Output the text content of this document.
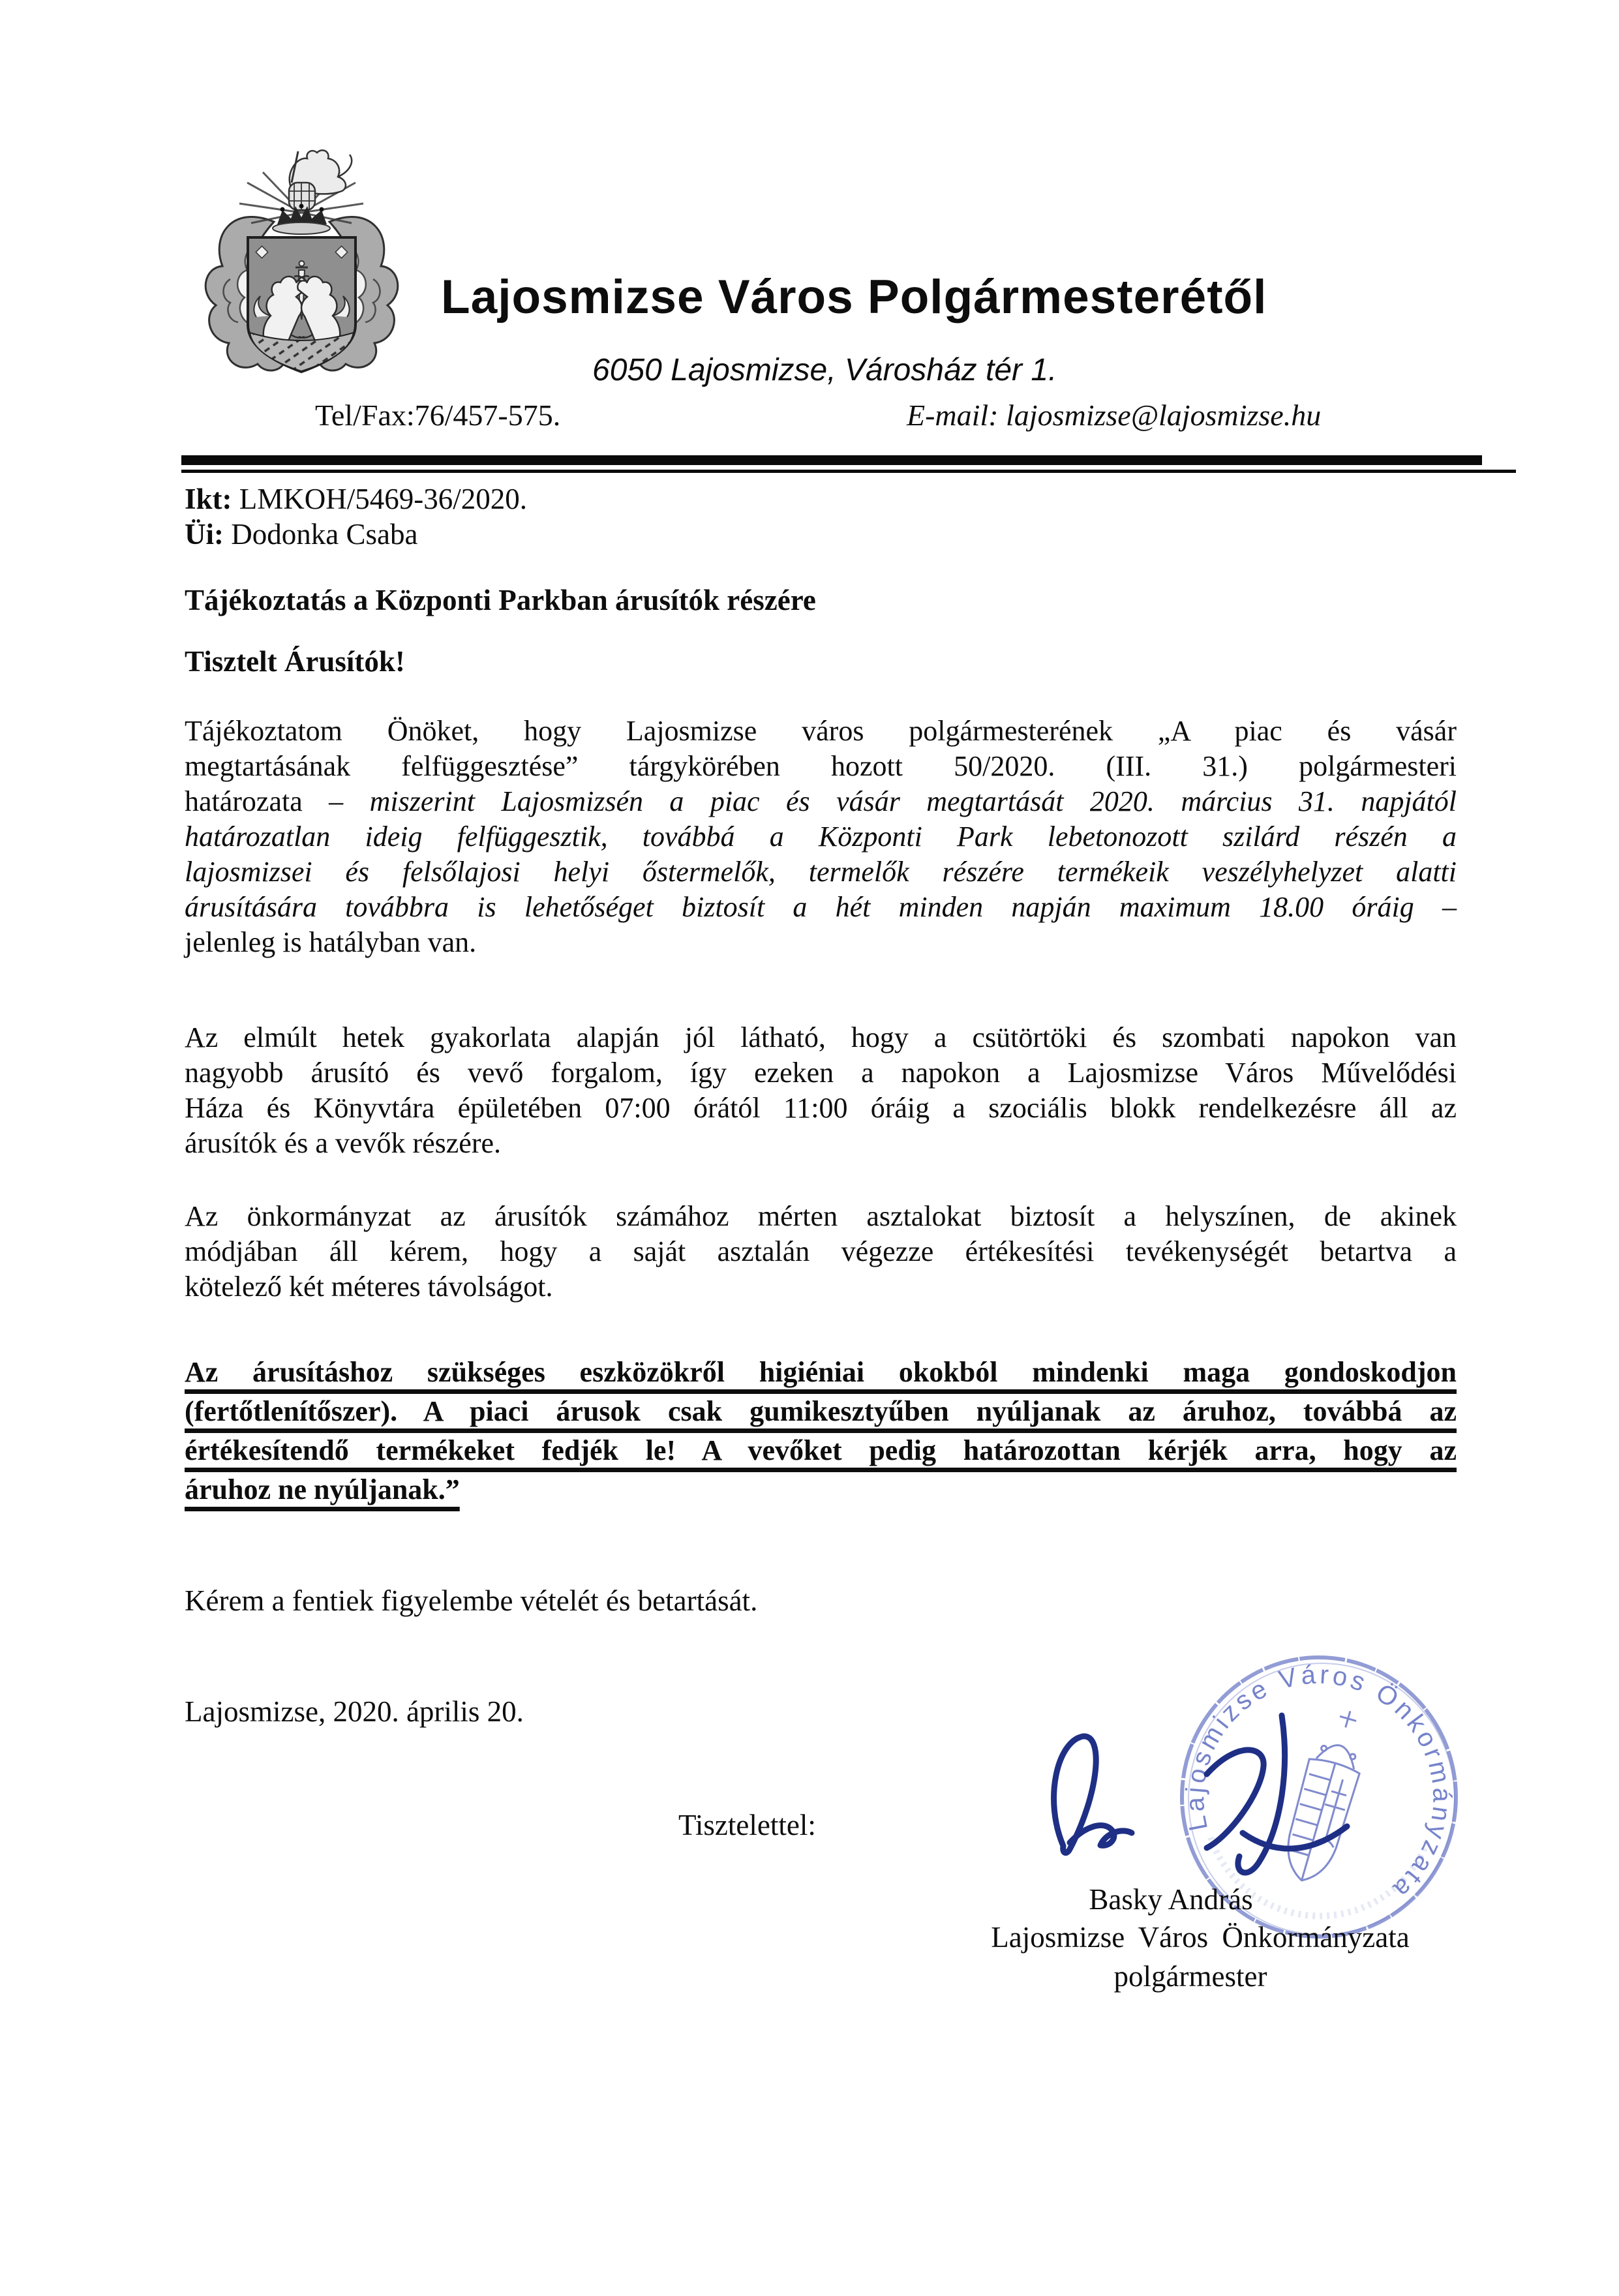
Lajosmizse Város Polgármesterétől
6050 Lajosmizse, Városház tér 1.
Tel/Fax:76/457-575.	E-mail: lajosmizse@lajosmizse.hu
Ikt: LMKOH/5469-36/2020.
Üi: Dodonka Csaba
Tájékoztatás a Központi Parkban árusítók részére
Tisztelt Árusítók!
Tájékoztatom Önöket, hogy Lajosmizse város polgármesterének „A piac és vásár
megtartásának felfüggesztése” tárgykörében hozott 50/2020. (III. 31.) polgármesteri
határozata – miszerint Lajosmizsén a piac és vásár megtartását 2020. március 31. napjától
határozatlan ideig felfüggesztik, továbbá a Központi Park lebetonozott szilárd részén a
lajosmizsei és felsőlajosi helyi őstermelők, termelők részére termékeik veszélyhelyzet alatti
árusítására továbbra is lehetőséget biztosít a hét minden napján maximum 18.00 óráig –
jelenleg is hatályban van.
Az elmúlt hetek gyakorlata alapján jól látható, hogy a csütörtöki és szombati napokon van
nagyobb árusító és vevő forgalom, így ezeken a napokon a Lajosmizse Város Művelődési
Háza és Könyvtára épületében 07:00 órától 11:00 óráig a szociális blokk rendelkezésre áll az
árusítók és a vevők részére.
Az önkormányzat az árusítók számához mérten asztalokat biztosít a helyszínen, de akinek
módjában áll kérem, hogy a saját asztalán végezze értékesítési tevékenységét betartva a
kötelező két méteres távolságot.
Az árusításhoz szükséges eszközökről higiéniai okokból mindenki maga gondoskodjon
(fertőtlenítőszer). A piaci árusok csak gumikesztyűben nyúljanak az áruhoz, továbbá az
értékesítendő termékeket fedjék le! A vevőket pedig határozottan kérjék arra, hogy az
áruhoz ne nyúljanak.”
Kérem a fentiek figyelembe vételét és betartását.
Lajosmizse, 2020. április 20.
Tisztelettel:	Lajosmizse Város Önkormányzata
Basky András
Lajosmizse Város Önkormányzata
polgármester
